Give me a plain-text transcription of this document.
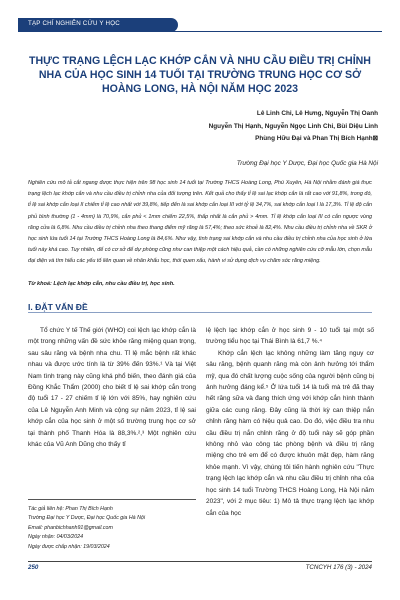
TẠP CHÍ NGHIÊN CỨU Y HỌC
THỰC TRẠNG LỆCH LẠC KHỚP CẮN VÀ NHU CẦU ĐIỀU TRỊ CHỈNH NHA CỦA HỌC SINH 14 TUỔI TẠI TRƯỜNG TRUNG HỌC CƠ SỞ HOÀNG LONG, HÀ NỘI NĂM HỌC 2023
Lê Linh Chi, Lê Hưng, Nguyễn Thị Oanh
Nguyễn Thị Hạnh, Nguyễn Ngọc Linh Chi, Bùi Diệu Linh
Phùng Hữu Đại và Phan Thị Bích Hạnh⊠
Trường Đại học Y Dược, Đại học Quốc gia Hà Nội
Nghiên cứu mô tả cắt ngang được thực hiện trên 98 học sinh 14 tuổi tại Trường THCS Hoàng Long, Phú Xuyên, Hà Nội nhằm đánh giá thực trạng lệch lạc khớp cắn và nhu cầu điều trị chỉnh nha của đối tượng trên. Kết quả cho thấy tỉ lệ sai lạc khớp cắn là rất cao với 91,8%, trong đó, tỉ lệ sai khớp cắn loại II chiếm tỉ lệ cao nhất với 39,8%, tiếp đến là sai khớp cắn loại III với tỷ lệ 34,7%, sai khớp cắn loại I là 17,3%. Tỉ lệ độ cắn phủ bình thường (1 - 4mm) là 70,9%, cắn phủ < 1mm chiếm 22,5%, thấp nhất là cắn phủ > 4mm. Tỉ lệ khớp cắn loại III có cắn ngược vùng răng cửa là 6,8%. Nhu cầu điều trị chỉnh nha theo thang điểm mỹ răng là 57,4%; theo sức khoẻ là 82,4%. Nhu cầu điều trị chỉnh nha về SKR ở học sinh lứa tuổi 14 tại Trường THCS Hoàng Long là 84,6%. Như vậy, tình trạng sai khớp cắn và nhu cầu điều trị chỉnh nha của học sinh ở lứa tuổi này khá cao. Tuy nhiên, để có cơ sở để dự phòng cũng như can thiệp một cách hiệu quả, cần có những nghiên cứu cỡ mẫu lớn, chọn mẫu đại diện và tìm hiểu các yếu tố liên quan về nhân khẩu học, thói quen xấu, hành vi sử dụng dịch vụ chăm sóc răng miệng.
Từ khoá: Lệch lạc khớp cắn, nhu cầu điều trị, học sinh.
I. ĐẶT VẤN ĐỀ

Tổ chức Y tế Thế giới (WHO) coi lệch lạc khớp cắn là một trong những vấn đề sức khỏe răng miệng quan trọng, sau sâu răng và bệnh nha chu. Tỉ lệ mắc bệnh rất khác nhau và được ước tính là từ 39% đến 93%.¹ Và tại Việt Nam tình trạng này cũng khá phổ biến, theo đánh giá của Đồng Khắc Thẩm (2000) cho biết tỉ lệ sai khớp cắn trong độ tuổi 17 - 27 chiếm tỉ lệ lớn với 85%, hay nghiên cứu của Lê Nguyễn Anh Minh và cộng sự năm 2023, tỉ lệ sai khớp cắn của học sinh ở một số trường trung học cơ sở tại thành phố Thanh Hóa là 88,3%.²,³ Một nghiên cứu khác của Vũ Anh Dũng cho thấy tỉ

Tác giả liên hệ: Phan Thị Bích Hạnh
Trường Đại học Y Dược, Đại học Quốc gia Hà Nội
Email: phanbichhanh91@gmail.com
Ngày nhận: 04/03/2024
Ngày được chấp nhận: 19/03/2024

lệ lệch lạc khớp cắn ở học sinh 9 - 10 tuổi tại một số trường tiểu học tại Thái Bình là 61,7 %.⁴

Khớp cắn lệch lạc không những làm tăng nguy cơ sâu răng, bệnh quanh răng mà còn ảnh hưởng tới thẩm mỹ, qua đó chất lượng cuộc sống của người bệnh cũng bị ảnh hưởng đáng kể.⁵ Ở lứa tuổi 14 là tuổi mà trẻ đã thay hết răng sữa và đang thích ứng với khớp cắn hình thành giữa các cung răng. Đây cũng là thời kỳ can thiệp nắn chỉnh răng hàm có hiệu quả cao. Do đó, việc điều tra nhu cầu điều trị nắn chỉnh răng ở độ tuổi này sẽ góp phần không nhỏ vào công tác phòng bệnh và điều trị răng miệng cho trẻ em để có được khuôn mặt đẹp, hàm răng khỏe mạnh. Vì vậy, chúng tôi tiến hành nghiên cứu "Thực trạng lệch lạc khớp cắn và nhu cầu điều trị chỉnh nha của học sinh 14 tuổi Trường THCS Hoàng Long, Hà Nội năm 2023", với 2 mục tiêu: 1) Mô tả thực trạng lệch lạc khớp cắn của học

250	TCNCYH 176 (3) - 2024
